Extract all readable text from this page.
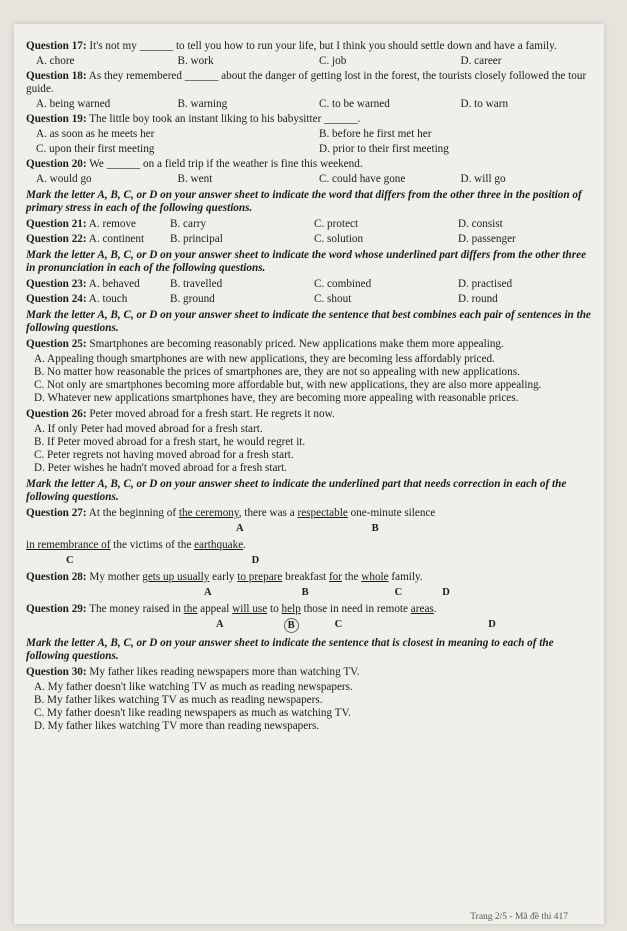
Question 17: It's not my ______ to tell you how to run your life, but I think you should settle down and have a family.
A. chore	B. work	C. job	D. career
Question 18: As they remembered ______ about the danger of getting lost in the forest, the tourists closely followed the tour guide.
A. being warned	B. warning	C. to be warned	D. to warn
Question 19: The little boy took an instant liking to his babysitter ______.
A. as soon as he meets her	B. before he first met her
C. upon their first meeting	D. prior to their first meeting
Question 20: We ______ on a field trip if the weather is fine this weekend.
A. would go	B. went	C. could have gone	D. will go
Mark the letter A, B, C, or D on your answer sheet to indicate the word that differs from the other three in the position of primary stress in each of the following questions.
Question 21: A. remove	B. carry	C. protect	D. consist
Question 22: A. continent	B. principal	C. solution	D. passenger
Mark the letter A, B, C, or D on your answer sheet to indicate the word whose underlined part differs from the other three in pronunciation in each of the following questions.
Question 23: A. behaved	B. travelled	C. combined	D. practised
Question 24: A. touch	B. ground	C. shout	D. round
Mark the letter A, B, C, or D on your answer sheet to indicate the sentence that best combines each pair of sentences in the following questions.
Question 25: Smartphones are becoming reasonably priced. New applications make them more appealing.
A. Appealing though smartphones are with new applications, they are becoming less affordably priced.
B. No matter how reasonable the prices of smartphones are, they are not so appealing with new applications.
C. Not only are smartphones becoming more affordable but, with new applications, they are also more appealing.
D. Whatever new applications smartphones have, they are becoming more appealing with reasonable prices.
Question 26: Peter moved abroad for a fresh start. He regrets it now.
A. If only Peter had moved abroad for a fresh start.
B. If Peter moved abroad for a fresh start, he would regret it.
C. Peter regrets not having moved abroad for a fresh start.
D. Peter wishes he hadn't moved abroad for a fresh start.
Mark the letter A, B, C, or D on your answer sheet to indicate the underlined part that needs correction in each of the following questions.
Question 27: At the beginning of the ceremony, there was a respectable one-minute silence
A	B
in remembrance of the victims of the earthquake.
C	D
Question 28: My mother gets up usually early to prepare breakfast for the whole family.
A	B	C	D
Question 29: The money raised in the appeal will use to help those in need in remote areas.
A	B	C	D
Mark the letter A, B, C, or D on your answer sheet to indicate the sentence that is closest in meaning to each of the following questions.
Question 30: My father likes reading newspapers more than watching TV.
A. My father doesn't like watching TV as much as reading newspapers.
B. My father likes watching TV as much as reading newspapers.
C. My father doesn't like reading newspapers as much as watching TV.
D. My father likes watching TV more than reading newspapers.
Trang 2/5 - Mã đề thi 417
